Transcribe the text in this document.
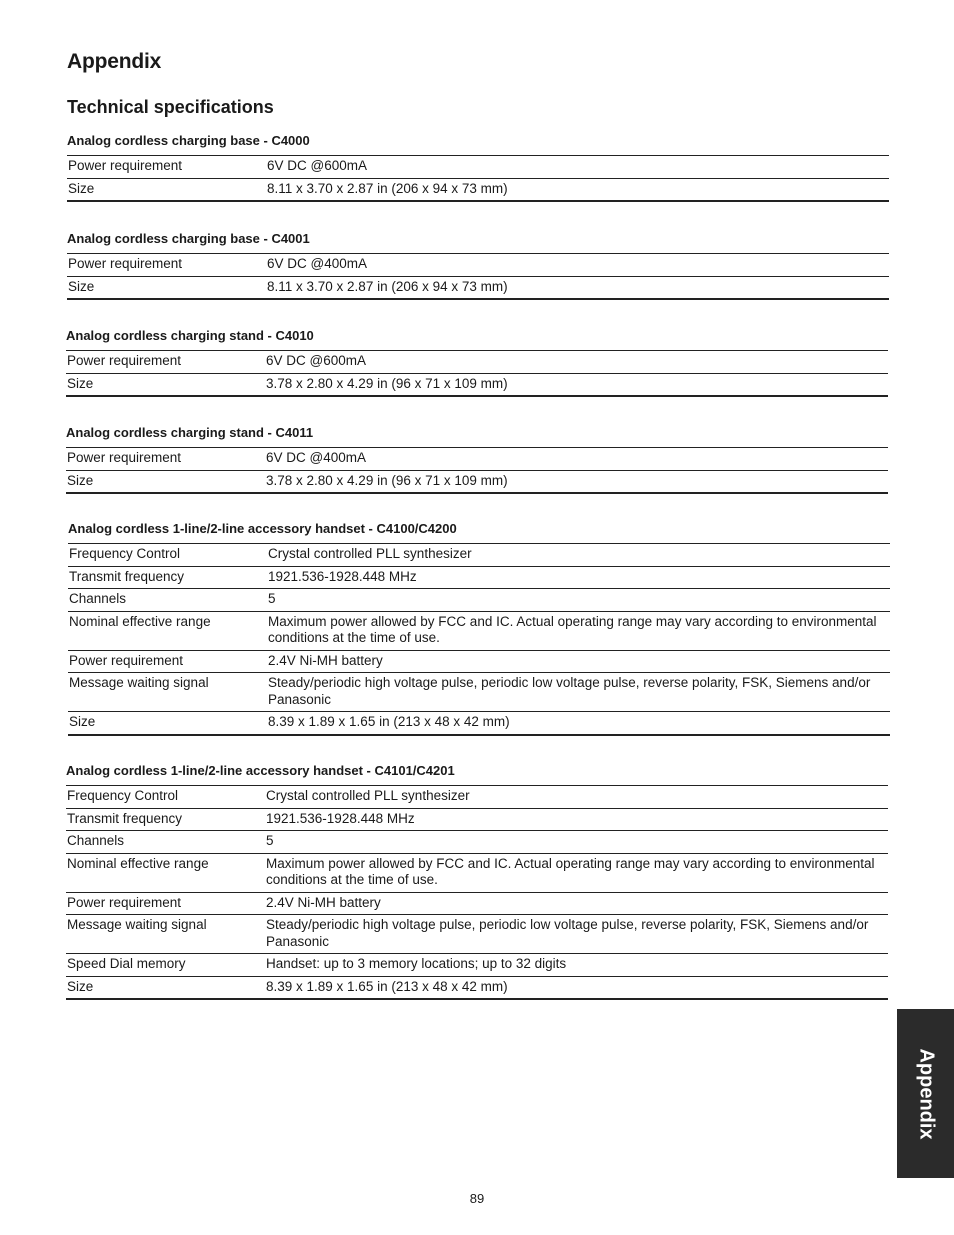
Appendix
Technical specifications
Analog cordless charging base - C4000
Power requirement	6V DC @600mA
Size	8.11 x 3.70 x 2.87 in (206 x 94 x 73 mm)
Analog cordless charging base - C4001
Power requirement	6V DC @400mA
Size	8.11 x 3.70 x 2.87 in (206 x 94 x 73 mm)
Analog cordless charging stand - C4010
Power requirement	6V DC @600mA
Size	3.78 x 2.80 x 4.29 in (96 x 71 x 109 mm)
Analog cordless charging stand - C4011
Power requirement	6V DC @400mA
Size	3.78 x 2.80 x 4.29 in (96 x 71 x 109 mm)
Analog cordless 1-line/2-line accessory handset - C4100/C4200
Frequency Control	Crystal controlled PLL synthesizer
Transmit frequency	1921.536-1928.448 MHz
Channels	5
Nominal effective range	Maximum power allowed by FCC and IC. Actual operating range may vary according to environmental conditions at the time of use.
Power requirement	2.4V Ni-MH battery
Message waiting signal	Steady/periodic high voltage pulse, periodic low voltage pulse, reverse polarity, FSK, Siemens and/or Panasonic
Size	8.39 x 1.89 x 1.65 in (213 x 48 x 42 mm)
Analog cordless 1-line/2-line accessory handset - C4101/C4201
Frequency Control	Crystal controlled PLL synthesizer
Transmit frequency	1921.536-1928.448 MHz
Channels	5
Nominal effective range	Maximum power allowed by FCC and IC. Actual operating range may vary according to environmental conditions at the time of use.
Power requirement	2.4V Ni-MH battery
Message waiting signal	Steady/periodic high voltage pulse, periodic low voltage pulse, reverse polarity, FSK, Siemens and/or Panasonic
Speed Dial memory	Handset: up to 3 memory locations; up to 32 digits
Size	8.39 x 1.89 x 1.65 in (213 x 48 x 42 mm)
Appendix
89
